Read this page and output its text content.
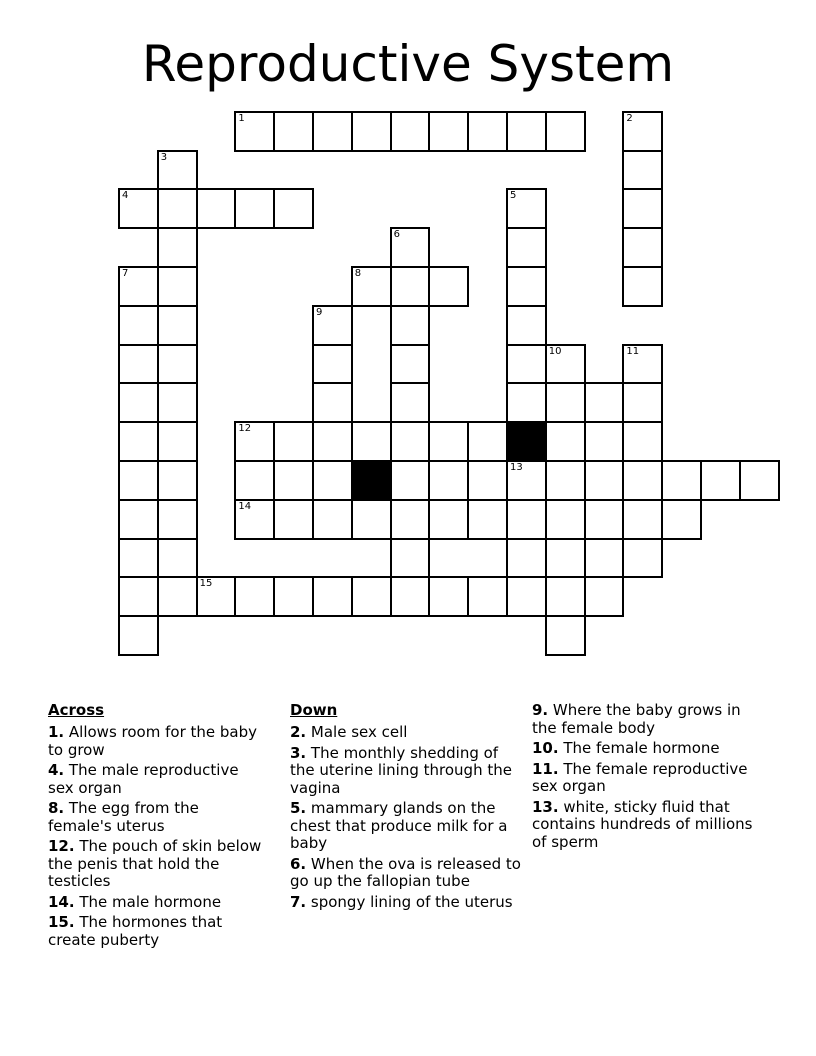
Reproductive System
1	2
3
4	5
13
6
7	8
9
10	11
12
15
14
Across
1. Allows room for the baby to grow
4. The male reproductive sex organ
8. The egg from the female's uterus
12. The pouch of skin below the penis that hold the testicles
14. The male hormone
15. The hormones that create puberty
Down
2. Male sex cell
3. The monthly shedding of the uterine lining through the vagina
5. mammary glands on the chest that produce milk for a baby
6. When the ova is released to go up the fallopian tube
7. spongy lining of the uterus
9. Where the baby grows in the female body
10. The female hormone
11. The female reproductive sex organ
13. white, sticky fluid that contains hundreds of millions of sperm
